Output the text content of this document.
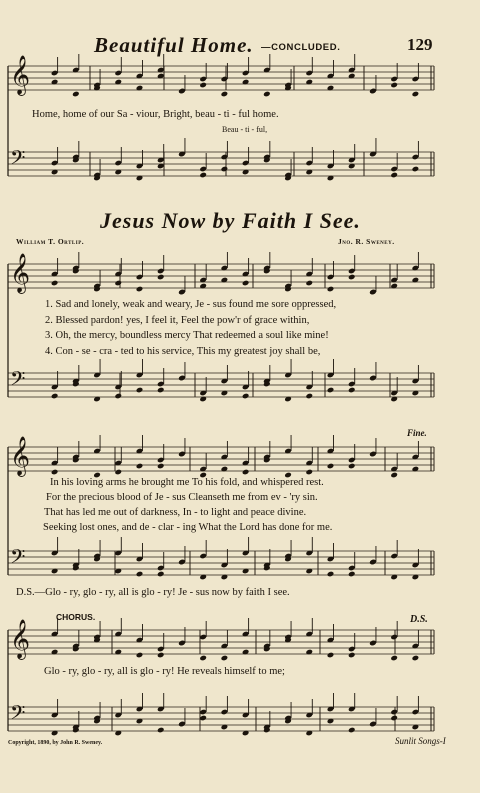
𝄞
𝄢
𝄞
𝄢
𝄞
𝄢
𝄞
𝄢
Beautiful Home. —CONCLUDED.	129
Home, home of our Sa - viour, Bright, beau - ti - ful home.
Beau - ti - ful,
Jesus Now by Faith I See.
William T. Ortlip.	Jno. R. Sweney.
1. Sad and lonely, weak and weary, Je - sus found me sore oppressed,
2. Blessed pardon! yes, I feel it, Feel the pow'r of grace within,
3. Oh, the mercy, boundless mercy That redeemed a soul like mine!
4. Con - se - cra - ted to his service, This my greatest joy shall be,
Fine.
In his loving arms he brought me To his fold, and whispered rest.
For the precious blood of Je - sus Cleanseth me from ev - 'ry sin.
That has led me out of darkness, In - to light and peace divine.
Seeking lost ones, and de - clar - ing What the Lord has done for me.
D.S.—Glo - ry, glo - ry, all is glo - ry! Je - sus now by faith I see.
CHORUS.	D.S.
Glo - ry, glo - ry, all is glo - ry! He reveals himself to me;
Copyright, 1890, by John R. Sweney.	Sunlit Songs-I
